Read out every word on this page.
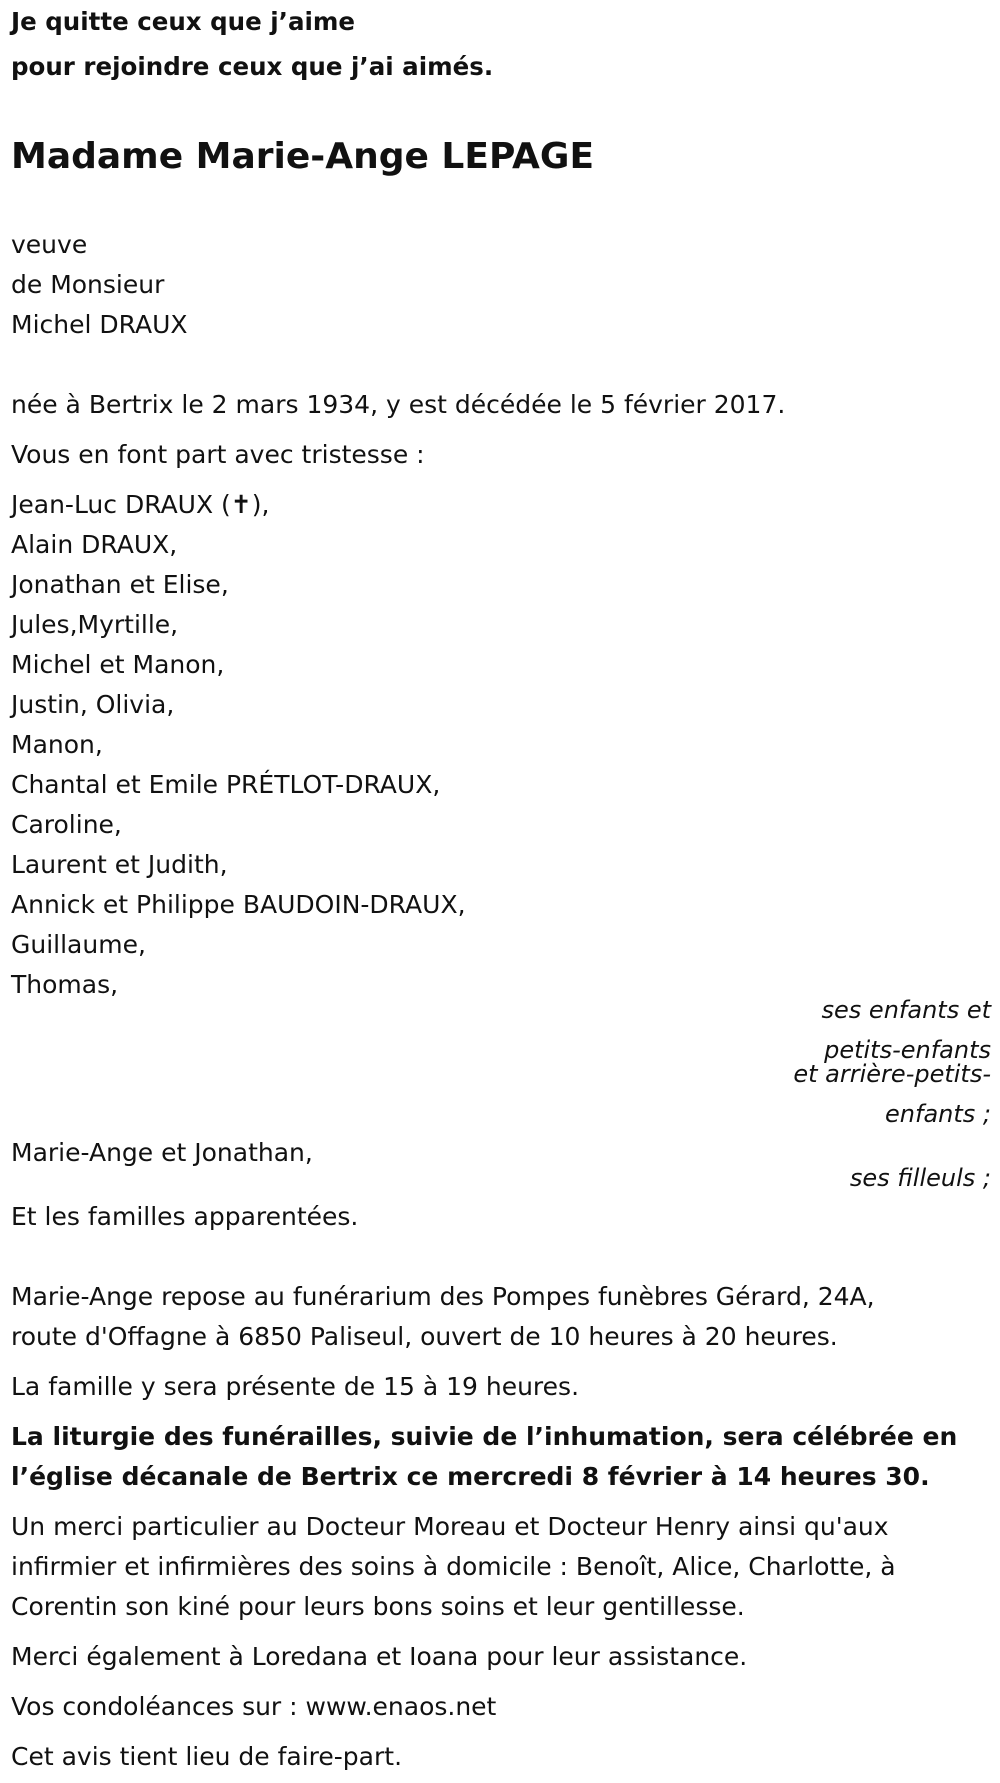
Je quitte ceux que j’aime
pour rejoindre ceux que j’ai aimés.
Madame Marie-Ange LEPAGE
veuve
de Monsieur
Michel DRAUX
née à Bertrix le 2 mars 1934, y est décédée le 5 février 2017.
Vous en font part avec tristesse :
Jean-Luc DRAUX (✝),
Alain DRAUX,
Jonathan et Elise,
Jules,Myrtille,
Michel et Manon,
Justin, Olivia,
Manon,
Chantal et Emile PRÉTLOT-DRAUX,
Caroline,
Laurent et Judith,
Annick et Philippe BAUDOIN-DRAUX,
Guillaume,
Thomas,
ses enfants et
petits-enfants
et arrière-petits-
enfants ;
Marie-Ange et Jonathan,
ses filleuls ;
Et les familles apparentées.
Marie-Ange repose au funérarium des Pompes funèbres Gérard, 24A,
route d'Offagne à 6850 Paliseul, ouvert de 10 heures à 20 heures.
La famille y sera présente de 15 à 19 heures.
La liturgie des funérailles, suivie de l’inhumation, sera célébrée en
l’église décanale de Bertrix ce mercredi 8 février à 14 heures 30.
Un merci particulier au Docteur Moreau et Docteur Henry ainsi qu'aux
infirmier et infirmières des soins à domicile : Benoît, Alice, Charlotte, à
Corentin son kiné pour leurs bons soins et leur gentillesse.
Merci également à Loredana et Ioana pour leur assistance.
Vos condoléances sur : www.enaos.net
Cet avis tient lieu de faire-part.
